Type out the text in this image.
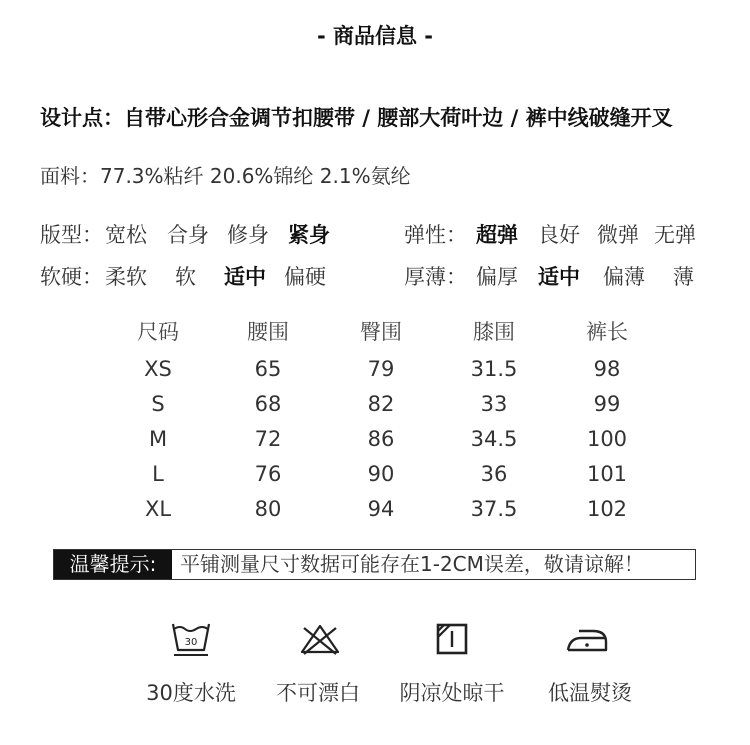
- 商品信息 -
设计点：自带心形合金调节扣腰带 / 腰部大荷叶边 / 裤中线破缝开叉
面料：77.3%粘纤 20.6%锦纶 2.1%氨纶
版型： 宽松 合身 修身 紧身	弹性： 超弹 良好 微弹 无弹
软硬： 柔软 软 适中 偏硬	厚薄： 偏厚 适中 偏薄 薄
尺码	腰围	臀围	膝围	裤长
XS	65	79	31.5	98
S	68	82	33	99
M	72	86	34.5	100
L	76	90	36	101
XL	80	94	37.5	102
温馨提示:	平铺测量尺寸数据可能存在1-2CM误差，敬请谅解！
30
30度水洗	不可漂白	阴凉处晾干	低温熨烫
